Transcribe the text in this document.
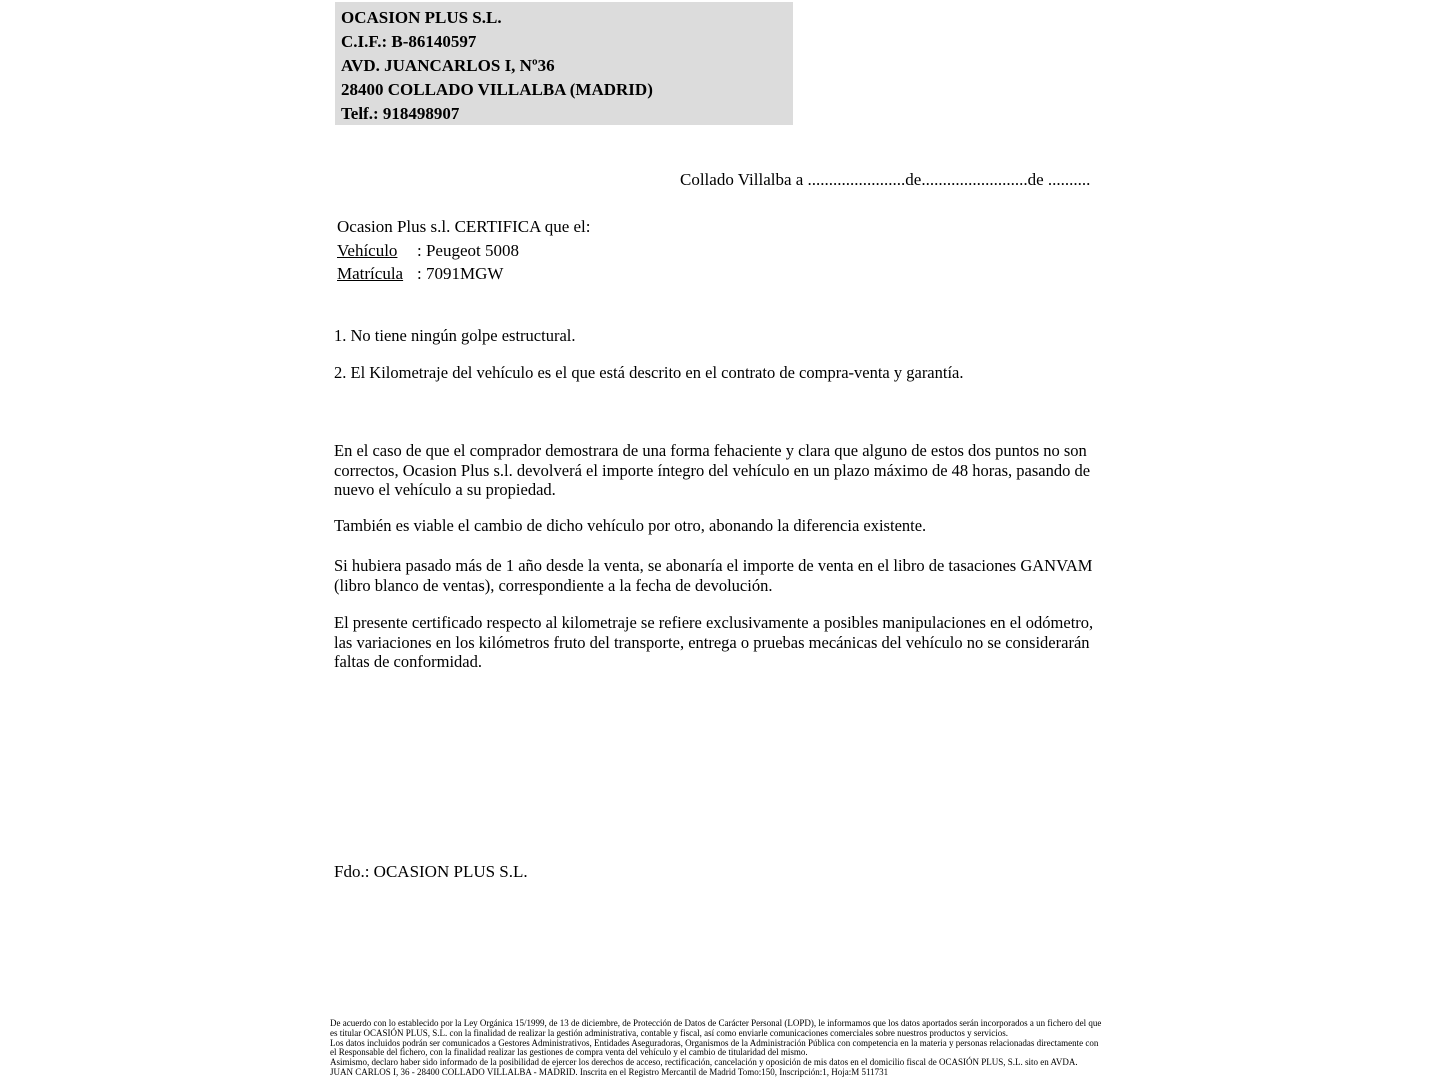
OCASION PLUS S.L.
C.I.F.: B-86140597
AVD. JUANCARLOS I, Nº36
28400 COLLADO VILLALBA (MADRID)
Telf.: 918498907
Collado Villalba a .......................de.........................de ..........
Ocasion Plus s.l. CERTIFICA que el:
Vehículo : Peugeot 5008
Matrícula : 7091MGW
1. No tiene ningún golpe estructural.
2. El Kilometraje del vehículo es el que está descrito en el contrato de compra-venta y garantía.
En el caso de que el comprador demostrara de una forma fehaciente y clara que alguno de estos dos puntos no son correctos, Ocasion Plus s.l. devolverá el importe íntegro del vehículo en un plazo máximo de 48 horas, pasando de nuevo el vehículo a su propiedad.
También es viable el cambio de dicho vehículo por otro, abonando la diferencia existente.
Si hubiera pasado más de 1 año desde la venta, se abonaría el importe de venta en el libro de tasaciones GANVAM (libro blanco de ventas), correspondiente a la fecha de devolución.
El presente certificado respecto al kilometraje se refiere exclusivamente a posibles manipulaciones en el odómetro, las variaciones en los kilómetros fruto del transporte, entrega o pruebas mecánicas del vehículo no se considerarán faltas de conformidad.
Fdo.: OCASION PLUS S.L.

De acuerdo con lo establecido por la Ley Orgánica 15/1999, de 13 de diciembre, de Protección de Datos de Carácter Personal (LOPD), le informamos que los datos aportados serán incorporados a un fichero del que es titular OCASIÓN PLUS, S.L. con la finalidad de realizar la gestión administrativa, contable y fiscal, así como enviarle comunicaciones comerciales sobre nuestros productos y servicios.

Los datos incluidos podrán ser comunicados a Gestores Administrativos, Entidades Aseguradoras, Organismos de la Administración Pública con competencia en la materia y personas relacionadas directamente con el Responsable del fichero, con la finalidad realizar las gestiones de compra venta del vehículo y el cambio de titularidad del mismo.

Asimismo, declaro haber sido informado de la posibilidad de ejercer los derechos de acceso, rectificación, cancelación y oposición de mis datos en el domicilio fiscal de OCASIÓN PLUS, S.L. sito en AVDA. JUAN CARLOS I, 36 - 28400 COLLADO VILLALBA - MADRID. Inscrita en el Registro Mercantil de Madrid Tomo:150, Inscripción:1, Hoja:M 511731
